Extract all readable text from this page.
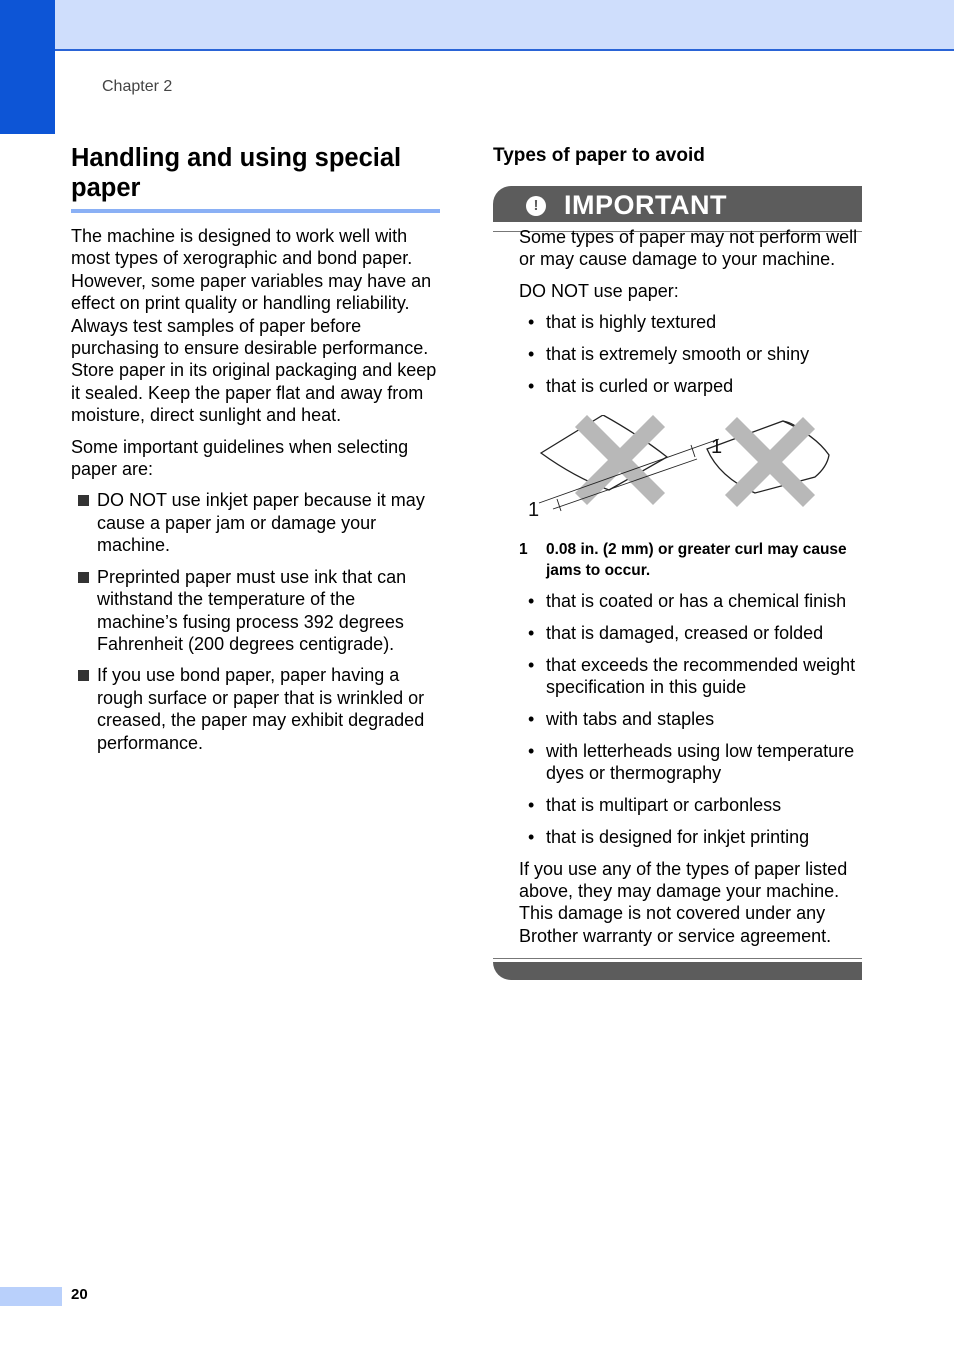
Chapter 2
Handling and using special paper

The machine is designed to work well with most types of xerographic and bond paper. However, some paper variables may have an effect on print quality or handling reliability. Always test samples of paper before purchasing to ensure desirable performance. Store paper in its original packaging and keep it sealed. Keep the paper flat and away from moisture, direct sunlight and heat.

Some important guidelines when selecting paper are:

DO NOT use inkjet paper because it may cause a paper jam or damage your machine.
Preprinted paper must use ink that can withstand the temperature of the machine’s fusing process 392 degrees Fahrenheit (200 degrees centigrade).
If you use bond paper, paper having a rough surface or paper that is wrinkled or creased, the paper may exhibit degraded performance.
Types of paper to avoid
! IMPORTANT

Some types of paper may not perform well or may cause damage to your machine.

DO NOT use paper:

• that is highly textured
• that is extremely smooth or shiny
• that is curled or warped
1
1
1 0.08 in. (2 mm) or greater curl may cause jams to occur.
• that is coated or has a chemical finish
• that is damaged, creased or folded
• that exceeds the recommended weight specification in this guide
• with tabs and staples
• with letterheads using low temperature dyes or thermography
• that is multipart or carbonless
• that is designed for inkjet printing

If you use any of the types of paper listed above, they may damage your machine. This damage is not covered under any Brother warranty or service agreement.

20
